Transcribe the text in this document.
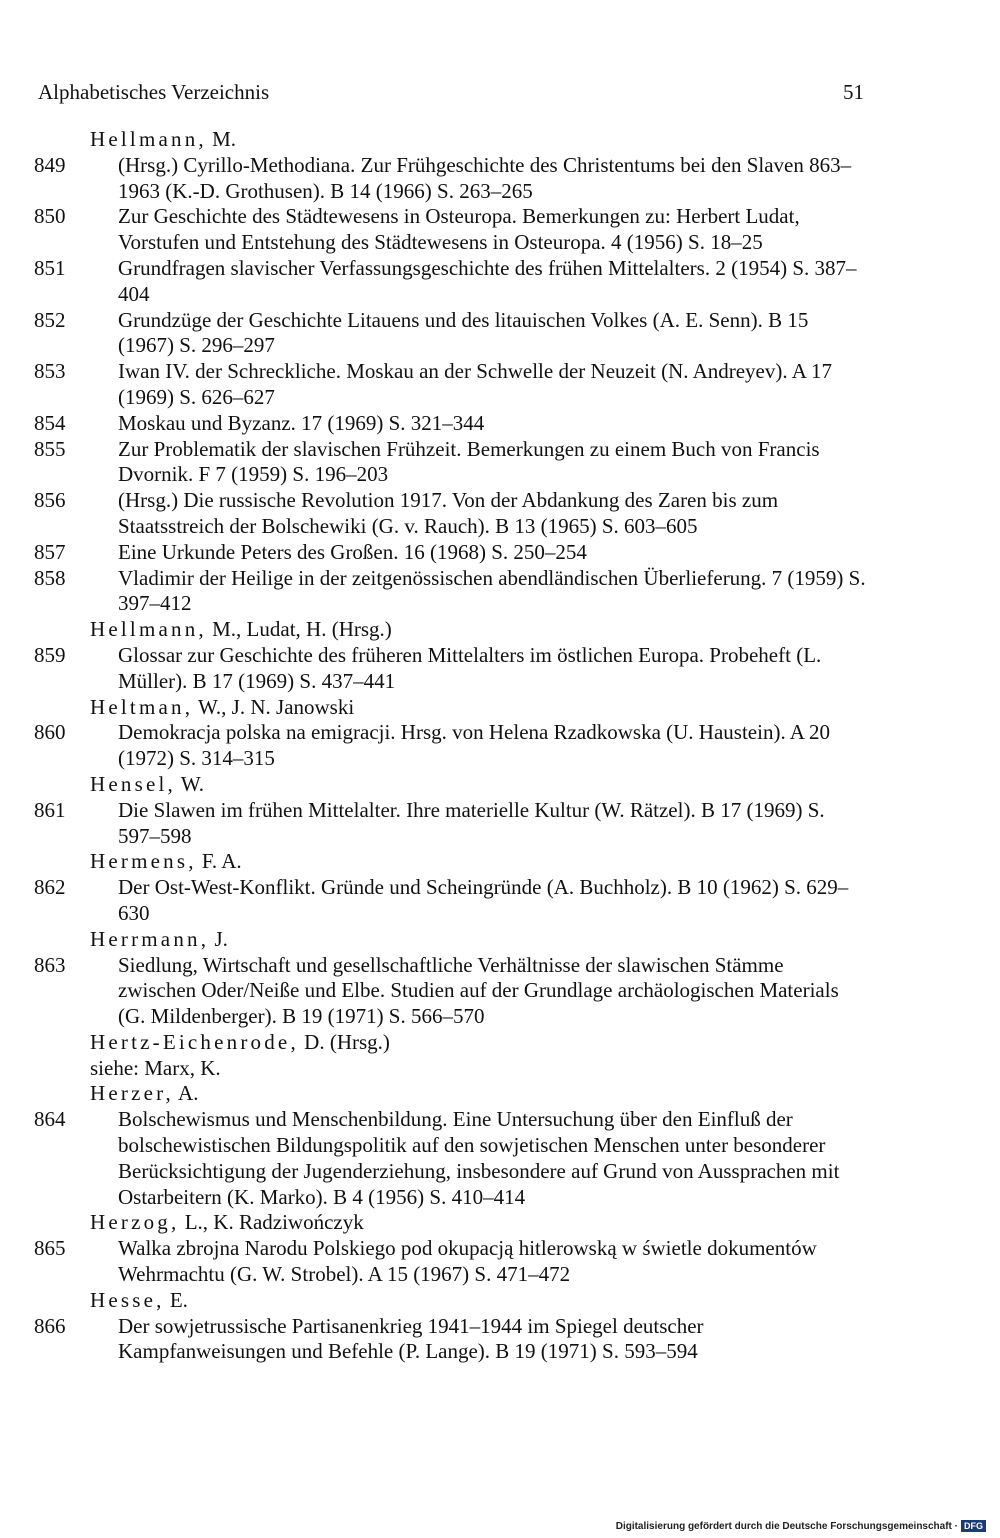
Alphabetisches Verzeichnis	51
Hellmann, M.
849	(Hrsg.) Cyrillo-Methodiana. Zur Frühgeschichte des Christentums bei den Slaven 863–1963 (K.-D. Grothusen). B 14 (1966) S. 263–265
850	Zur Geschichte des Städtewesens in Osteuropa. Bemerkungen zu: Herbert Ludat, Vorstufen und Entstehung des Städtewesens in Osteuropa. 4 (1956) S. 18–25
851	Grundfragen slavischer Verfassungsgeschichte des frühen Mittelalters. 2 (1954) S. 387–404
852	Grundzüge der Geschichte Litauens und des litauischen Volkes (A. E. Senn). B 15 (1967) S. 296–297
853	Iwan IV. der Schreckliche. Moskau an der Schwelle der Neuzeit (N. Andreyev). A 17 (1969) S. 626–627
854	Moskau und Byzanz. 17 (1969) S. 321–344
855	Zur Problematik der slavischen Frühzeit. Bemerkungen zu einem Buch von Francis Dvornik. F 7 (1959) S. 196–203
856	(Hrsg.) Die russische Revolution 1917. Von der Abdankung des Zaren bis zum Staatsstreich der Bolschewiki (G. v. Rauch). B 13 (1965) S. 603–605
857	Eine Urkunde Peters des Großen. 16 (1968) S. 250–254
858	Vladimir der Heilige in der zeitgenössischen abendländischen Überlieferung. 7 (1959) S. 397–412
Hellmann, M., Ludat, H. (Hrsg.)
859	Glossar zur Geschichte des früheren Mittelalters im östlichen Europa. Probeheft (L. Müller). B 17 (1969) S. 437–441
Heltman, W., J. N. Janowski
860	Demokracja polska na emigracji. Hrsg. von Helena Rzadkowska (U. Haustein). A 20 (1972) S. 314–315
Hensel, W.
861	Die Slawen im frühen Mittelalter. Ihre materielle Kultur (W. Rätzel). B 17 (1969) S. 597–598
Hermens, F. A.
862	Der Ost-West-Konflikt. Gründe und Scheingründe (A. Buchholz). B 10 (1962) S. 629–630
Herrmann, J.
863	Siedlung, Wirtschaft und gesellschaftliche Verhältnisse der slawischen Stämme zwischen Oder/Neiße und Elbe. Studien auf der Grundlage archäologischen Materials (G. Mildenberger). B 19 (1971) S. 566–570
Hertz-Eichenrode, D. (Hrsg.)
siehe: Marx, K.
Herzer, A.
864	Bolschewismus und Menschenbildung. Eine Untersuchung über den Einfluß der bolschewistischen Bildungspolitik auf den sowjetischen Menschen unter besonderer Berücksichtigung der Jugenderziehung, insbesondere auf Grund von Aussprachen mit Ostarbeitern (K. Marko). B 4 (1956) S. 410–414
Herzog, L., K. Radziwończyk
865	Walka zbrojna Narodu Polskiego pod okupacją hitlerowską w świetle dokumentów Wehrmachtu (G. W. Strobel). A 15 (1967) S. 471–472
Hesse, E.
866	Der sowjetrussische Partisanenkrieg 1941–1944 im Spiegel deutscher Kampfanweisungen und Befehle (P. Lange). B 19 (1971) S. 593–594
Digitalisierung gefördert durch die Deutsche Forschungsgemeinschaft · DFG
